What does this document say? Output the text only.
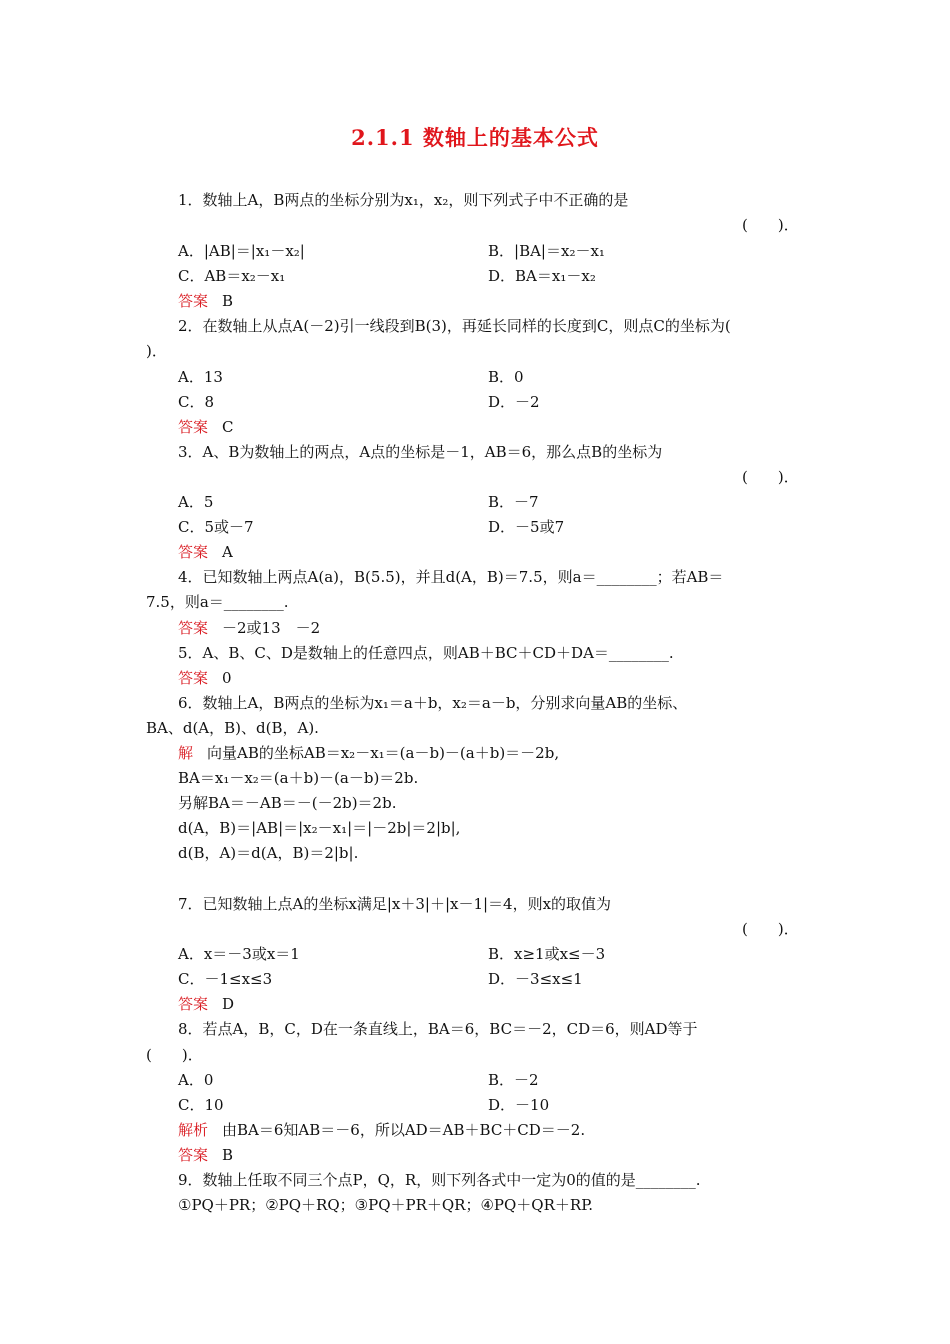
2.1.1 数轴上的基本公式
1．数轴上A，B两点的坐标分别为x₁，x₂，则下列式子中不正确的是
(　　)．
A．|AB|＝|x₁－x₂|	B．|BA|＝x₂－x₁
C．AB＝x₂－x₁	D．BA＝x₁－x₂
答案 B
2．在数轴上从点A(－2)引一线段到B(3)，再延长同样的长度到C，则点C的坐标为(
)．
A．13	B．0
C．8	D．－2
答案 C
3．A、B为数轴上的两点，A点的坐标是－1，AB＝6，那么点B的坐标为
(　　)．
A．5	B．－7
C．5或－7	D．－5或7
答案 A
4．已知数轴上两点A(a)，B(5.5)，并且d(A，B)＝7.5，则a＝________；若AB＝
7.5，则a＝________.
答案 －2或13　－2
5．A、B、C、D是数轴上的任意四点，则AB＋BC＋CD＋DA＝________.
答案 0
6．数轴上A，B两点的坐标为x₁＝a＋b，x₂＝a－b，分别求向量AB的坐标、
BA、d(A，B)、d(B，A).
解 向量AB的坐标AB＝x₂－x₁＝(a－b)－(a＋b)＝－2b,
BA＝x₁－x₂＝(a＋b)－(a－b)＝2b.
另解BA＝－AB＝－(－2b)＝2b.
d(A，B)＝|AB|＝|x₂－x₁|＝|－2b|＝2|b|,
d(B，A)＝d(A，B)＝2|b|.
7．已知数轴上点A的坐标x满足|x＋3|＋|x－1|＝4，则x的取值为
(　　)．
A．x＝－3或x＝1	B．x≥1或x≤－3
C．－1≤x≤3	D．－3≤x≤1
答案 D
8．若点A，B，C，D在一条直线上，BA＝6，BC＝－2，CD＝6，则AD等于
(　　)．
A．0	B．－2
C．10	D．－10
解析 由BA＝6知AB＝－6，所以AD＝AB＋BC＋CD＝－2.
答案 B
9．数轴上任取不同三个点P，Q，R，则下列各式中一定为0的值的是________.
①PQ＋PR；②PQ＋RQ；③PQ＋PR＋QR；④PQ＋QR＋RP.
